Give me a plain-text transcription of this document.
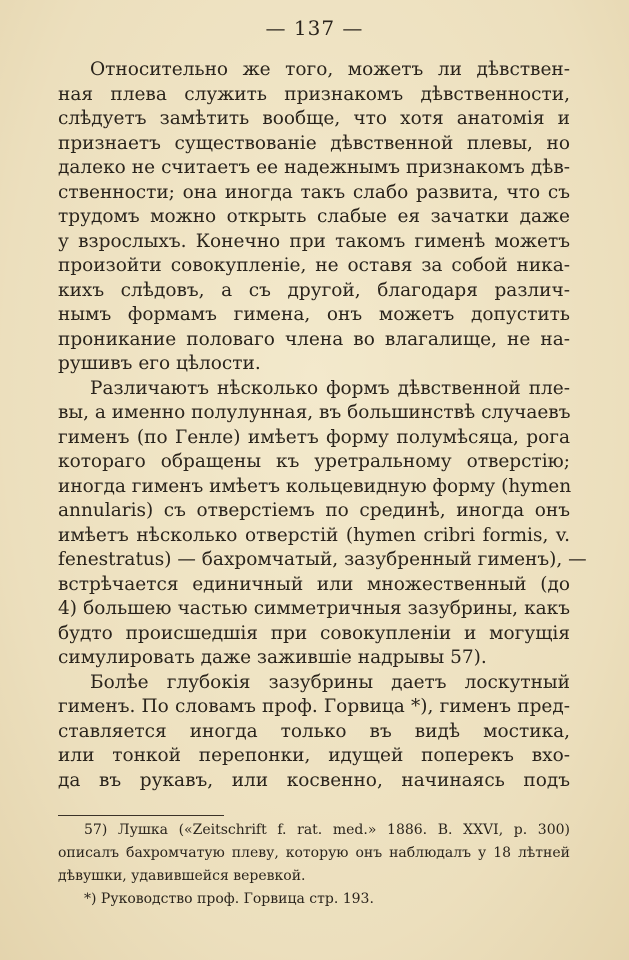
— 137 —
Относительно же того, можетъ ли дѣвствен-
ная плева служить признакомъ дѣвственности,
слѣдуетъ замѣтить вообще, что хотя анатомія и
признаетъ существованіе дѣвственной плевы, но
далеко не считаетъ ее надежнымъ признакомъ дѣв-
ственности; она иногда такъ слабо развита, что съ
трудомъ можно открыть слабые ея зачатки даже
у взрослыхъ. Конечно при такомъ гименѣ можетъ
произойти совокупленіе, не оставя за собой ника-
кихъ слѣдовъ, а съ другой, благодаря различ-
нымъ формамъ гимена, онъ можетъ допустить
проникание половаго члена во влагалище, не на-
рушивъ его цѣлости.
Различаютъ нѣсколько формъ дѣвственной пле-
вы, а именно полулунная, въ большинствѣ случаевъ
гименъ (по Генле) имѣетъ форму полумѣсяца, рога
котораго обращены къ уретральному отверстію;
иногда гименъ имѣетъ кольцевидную форму (hymen
annularis) съ отверстіемъ по срединѣ, иногда онъ
имѣетъ нѣсколько отверстій (hymen cribri formis, v.
fenestratus) — бахромчатый, зазубренный гименъ), —
встрѣчается единичный или множественный (до
4) большею частью симметричныя зазубрины, какъ
будто происшедшія при совокупленіи и могущія
симулировать даже зажившіе надрывы 57).
Болѣе глубокія зазубрины даетъ лоскутный
гименъ. По словамъ проф. Горвица *), гименъ пред-
ставляется иногда только въ видѣ мостика,
или тонкой перепонки, идущей поперекъ вхо-
да въ рукавъ, или косвенно, начинаясь подъ
57) Лушка («Zeitschrift f. rat. med.» 1886. B. XXVI, p. 300)
описалъ бахромчатую плеву, которую онъ наблюдалъ у 18 лѣтней
дѣвушки, удавившейся веревкой.
*) Руководство проф. Горвица стр. 193.
